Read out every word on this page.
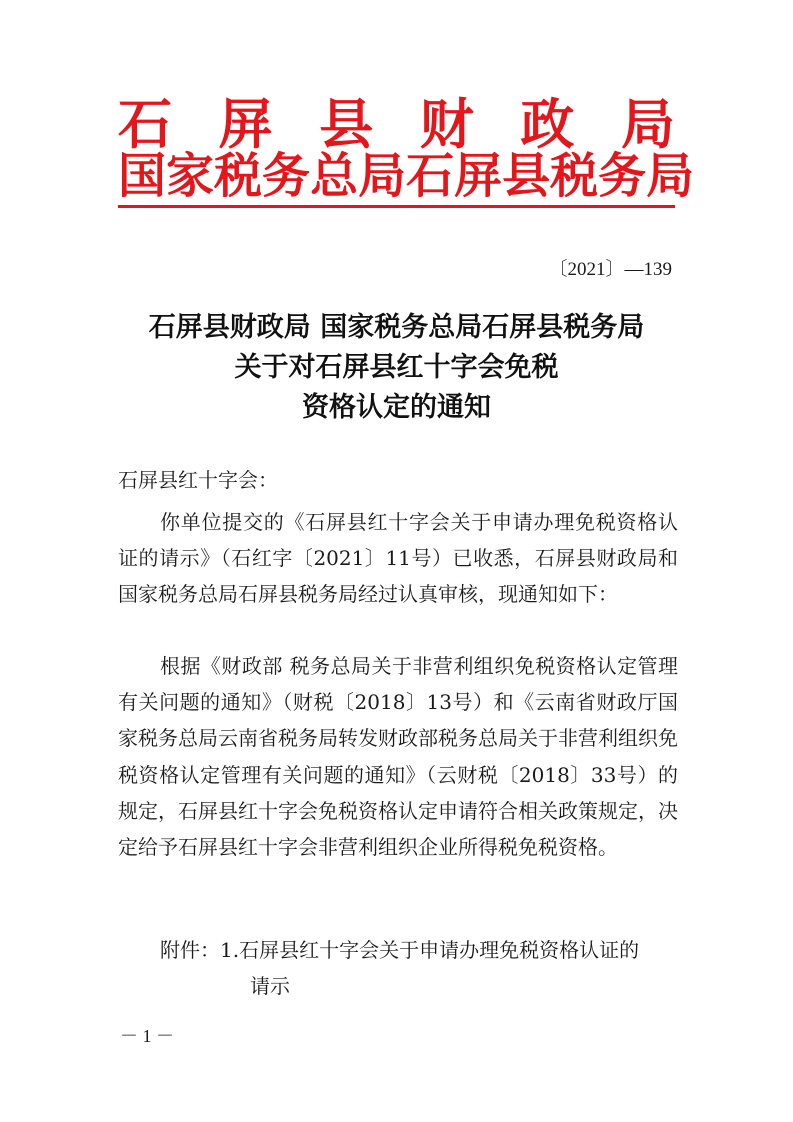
石 屏 县 财 政 局
国 家 税 务 总 局 石 屏 县 税 务 局
〔2021〕—139
石屏县财政局 国家税务总局石屏县税务局
关于对石屏县红十字会免税
资格认定的通知
石屏县红十字会：
你单位提交的《石屏县红十字会关于申请办理免税资格认证的请示》（石红字〔2021〕11号）已收悉，石屏县财政局和国家税务总局石屏县税务局经过认真审核，现通知如下：
根据《财政部 税务总局关于非营利组织免税资格认定管理有关问题的通知》（财税〔2018〕13号）和《云南省财政厅国家税务总局云南省税务局转发财政部税务总局关于非营利组织免税资格认定管理有关问题的通知》（云财税〔2018〕33号）的规定，石屏县红十字会免税资格认定申请符合相关政策规定，决定给予石屏县红十字会非营利组织企业所得税免税资格。
附件：1.石屏县红十字会关于申请办理免税资格认证的
请示
－ 1 －
